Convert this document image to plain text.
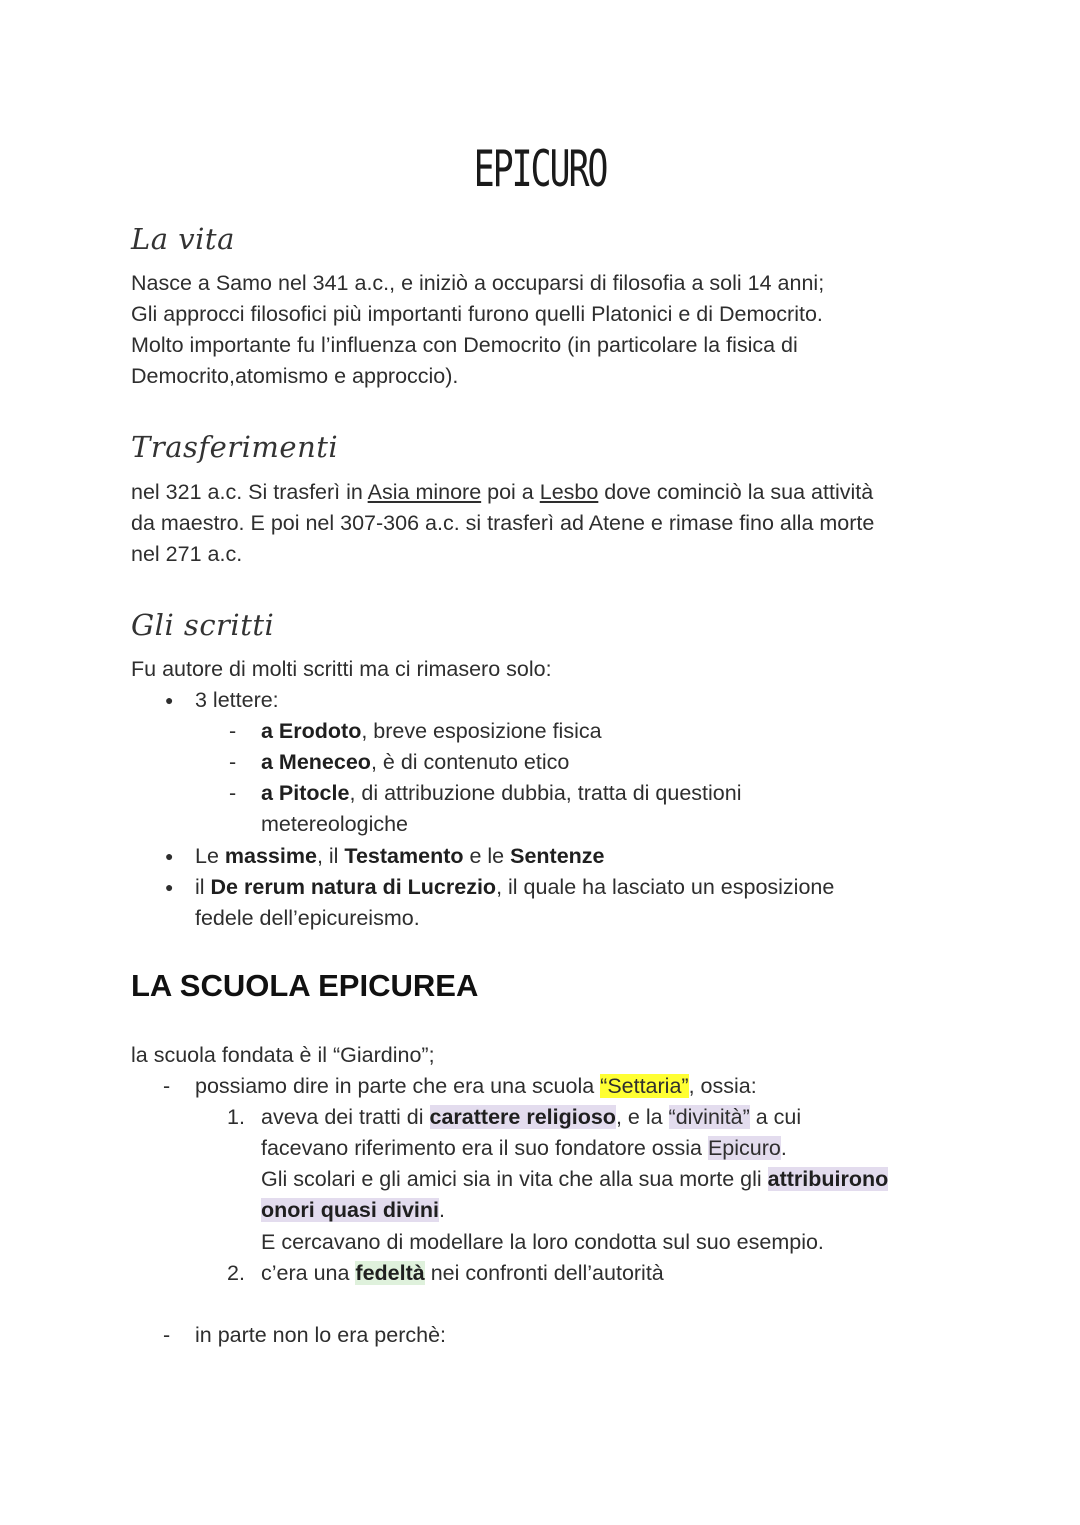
EPICURO
La vita

Nasce a Samo nel 341 a.c., e iniziò a occuparsi di filosofia a soli 14 anni;

Gli approcci filosofici più importanti furono quelli Platonici e di Democrito.

Molto importante fu l’influenza con Democrito (in particolare la fisica di

Democrito,atomismo e approccio).

Trasferimenti

nel 321 a.c. Si trasferì in Asia minore poi a Lesbo dove cominciò la sua attività

da maestro. E poi nel 307-306 a.c. si trasferì ad Atene e rimase fino alla morte

nel 271 a.c.

Gli scritti
Fu autore di molti scritti ma ci rimasero solo:
● 3 lettere:
- a Erodoto, breve esposizione fisica
- a Meneceo, è di contenuto etico
- a Pitocle, di attribuzione dubbia, tratta di questioni
metereologiche
● Le massime, il Testamento e le Sentenze
● il De rerum natura di Lucrezio, il quale ha lasciato un esposizione
fedele dell’epicureismo.
LA SCUOLA EPICUREA
la scuola fondata è il “Giardino”;
- possiamo dire in parte che era una scuola “Settaria”, ossia:
1. aveva dei tratti di carattere religioso, e la “divinità” a cui
facevano riferimento era il suo fondatore ossia Epicuro.
Gli scolari e gli amici sia in vita che alla sua morte gli attribuirono
onori quasi divini.
E cercavano di modellare la loro condotta sul suo esempio.
2. c’era una fedeltà nei confronti dell’autorità
- in parte non lo era perchè:
